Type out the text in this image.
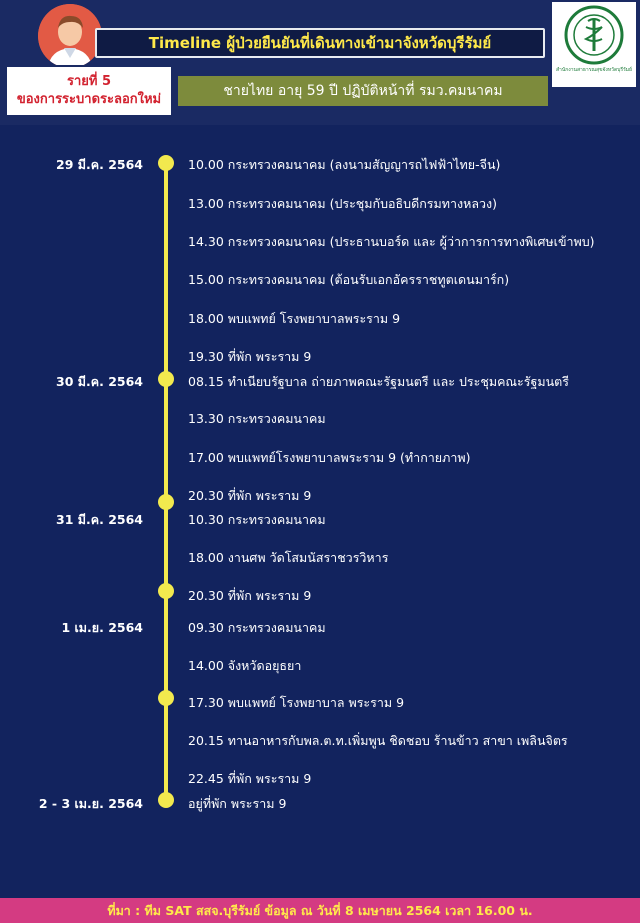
Timeline ผู้ป่วยยืนยันที่เดินทางเข้ามาจังหวัดบุรีรัมย์
รายที่ 5
ของการระบาดระลอกใหม่
ชายไทย อายุ 59 ปี ปฏิบัติหน้าที่ รมว.คมนาคม
สำนักงานสาธารณสุขจังหวัดบุรีรัมย์
29 มี.ค. 2564
30 มี.ค. 2564
31 มี.ค. 2564
1 เม.ย. 2564
2 - 3 เม.ย. 2564
10.00 กระทรวงคมนาคม (ลงนามสัญญารถไฟฟ้าไทย-จีน)
13.00 กระทรวงคมนาคม (ประชุมกับอธิบดีกรมทางหลวง)
14.30 กระทรวงคมนาคม (ประธานบอร์ด และ ผู้ว่าการการทางพิเศษเข้าพบ)
15.00 กระทรวงคมนาคม (ต้อนรับเอกอัครราชทูตเดนมาร์ก)
18.00 พบแพทย์ โรงพยาบาลพระราม 9
19.30 ที่พัก พระราม 9
08.15 ทำเนียบรัฐบาล ถ่ายภาพคณะรัฐมนตรี และ ประชุมคณะรัฐมนตรี
13.30 กระทรวงคมนาคม
17.00 พบแพทย์โรงพยาบาลพระราม 9 (ทำกายภาพ)
20.30 ที่พัก พระราม 9
10.30 กระทรวงคมนาคม
18.00 งานศพ วัดโสมนัสราชวรวิหาร
20.30 ที่พัก พระราม 9
09.30 กระทรวงคมนาคม
14.00 จังหวัดอยุธยา
17.30 พบแพทย์ โรงพยาบาล พระราม 9
20.15 ทานอาหารกับพล.ต.ท.เพิ่มพูน ชิดชอบ ร้านข้าว สาขา เพลินจิตร
22.45 ที่พัก พระราม 9
อยู่ที่พัก พระราม 9
ที่มา : ทีม SAT สสจ.บุรีรัมย์ ข้อมูล ณ วันที่ 8 เมษายน 2564 เวลา 16.00 น.
